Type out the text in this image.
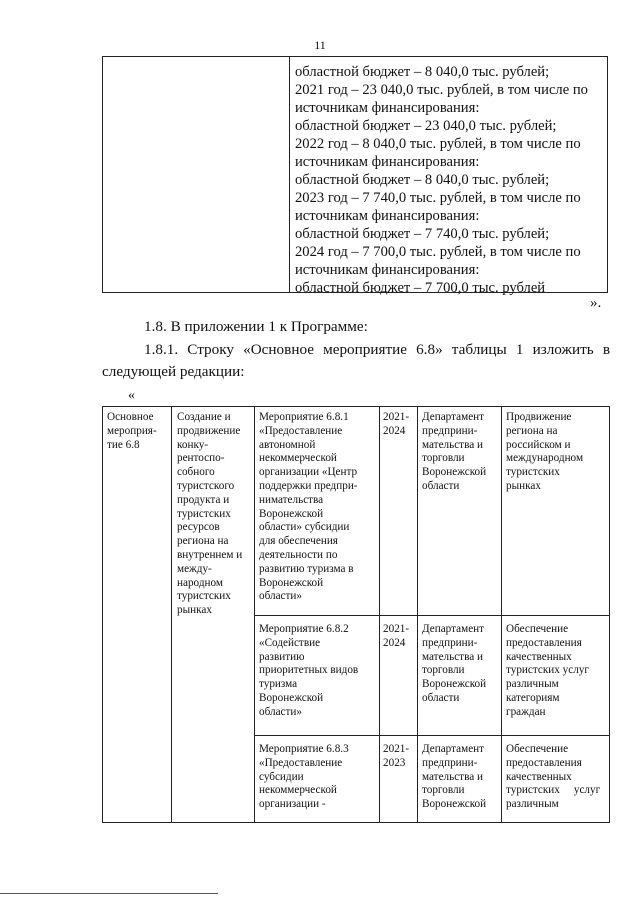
11
областной бюджет – 8 040,0 тыс. рублей;
2021 год – 23 040,0 тыс. рублей, в том числе по
источникам финансирования:
областной бюджет – 23 040,0 тыс. рублей;
2022 год – 8 040,0 тыс. рублей, в том числе по
источникам финансирования:
областной бюджет – 8 040,0 тыс. рублей;
2023 год – 7 740,0 тыс. рублей, в том числе по
источникам финансирования:
областной бюджет – 7 740,0 тыс. рублей;
2024 год – 7 700,0 тыс. рублей, в том числе по
источникам финансирования:
областной бюджет – 7 700,0 тыс. рублей
».
1.8. В приложении 1 к Программе:
1.8.1. Строку «Основное мероприятие 6.8» таблицы 1 изложить в
следующей редакции:
«
Основное
мероприя-
тие 6.8
Создание и
продвижение
конку-
рентоспо-
собного
туристского
продукта и
туристских
ресурсов
региона на
внутреннем и
между-
народном
туристских
рынках
Мероприятие 6.8.1
«Предоставление
автономной
некоммерческой
организации «Центр
поддержки предпри-
нимательства
Воронежской
области» субсидии
для обеспечения
деятельности по
развитию туризма в
Воронежской
области»
2021-
2024
Департамент
предприни-
мательства и
торговли
Воронежской
области
Продвижение
региона на
российском и
международном
туристских
рынках
Мероприятие 6.8.2
«Содействие
развитию
приоритетных видов
туризма
Воронежской
области»
2021-
2024
Департамент
предприни-
мательства и
торговли
Воронежской
области
Обеспечение
предоставления
качественных
туристских услуг
различным
категориям
граждан
Мероприятие 6.8.3
«Предоставление
субсидии
некоммерческой
организации -
2021-
2023
Департамент
предприни-
мательства и
торговли
Воронежской
Обеспечение
предоставления
качественных
туристских     услуг
различным
